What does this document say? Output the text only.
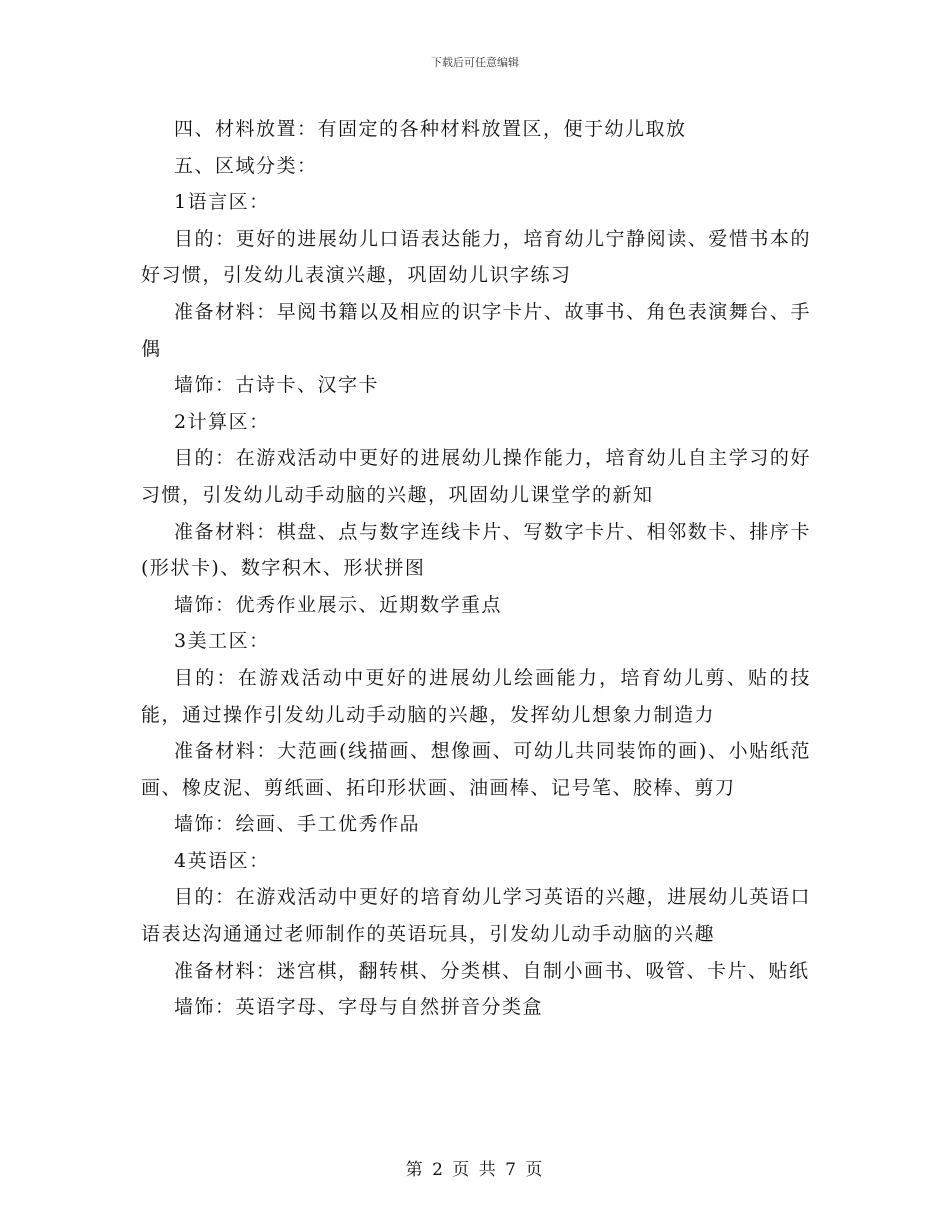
下载后可任意编辑

四、材料放置：有固定的各种材料放置区，便于幼儿取放

五、区域分类：

1语言区：

目的：更好的进展幼儿口语表达能力，培育幼儿宁静阅读、爱惜书本的好习惯，引发幼儿表演兴趣，巩固幼儿识字练习

准备材料：早阅书籍以及相应的识字卡片、故事书、角色表演舞台、手偶

墙饰：古诗卡、汉字卡

2计算区：

目的：在游戏活动中更好的进展幼儿操作能力，培育幼儿自主学习的好习惯，引发幼儿动手动脑的兴趣，巩固幼儿课堂学的新知

准备材料：棋盘、点与数字连线卡片、写数字卡片、相邻数卡、排序卡(形状卡)、数字积木、形状拼图

墙饰：优秀作业展示、近期数学重点

3美工区：

目的：在游戏活动中更好的进展幼儿绘画能力，培育幼儿剪、贴的技能，通过操作引发幼儿动手动脑的兴趣，发挥幼儿想象力制造力

准备材料：大范画(线描画、想像画、可幼儿共同装饰的画)、小贴纸范画、橡皮泥、剪纸画、拓印形状画、油画棒、记号笔、胶棒、剪刀

墙饰：绘画、手工优秀作品

4英语区：

目的：在游戏活动中更好的培育幼儿学习英语的兴趣，进展幼儿英语口语表达沟通通过老师制作的英语玩具，引发幼儿动手动脑的兴趣

准备材料：迷宫棋，翻转棋、分类棋、自制小画书、吸管、卡片、贴纸

墙饰：英语字母、字母与自然拼音分类盒

第 2 页 共 7 页
